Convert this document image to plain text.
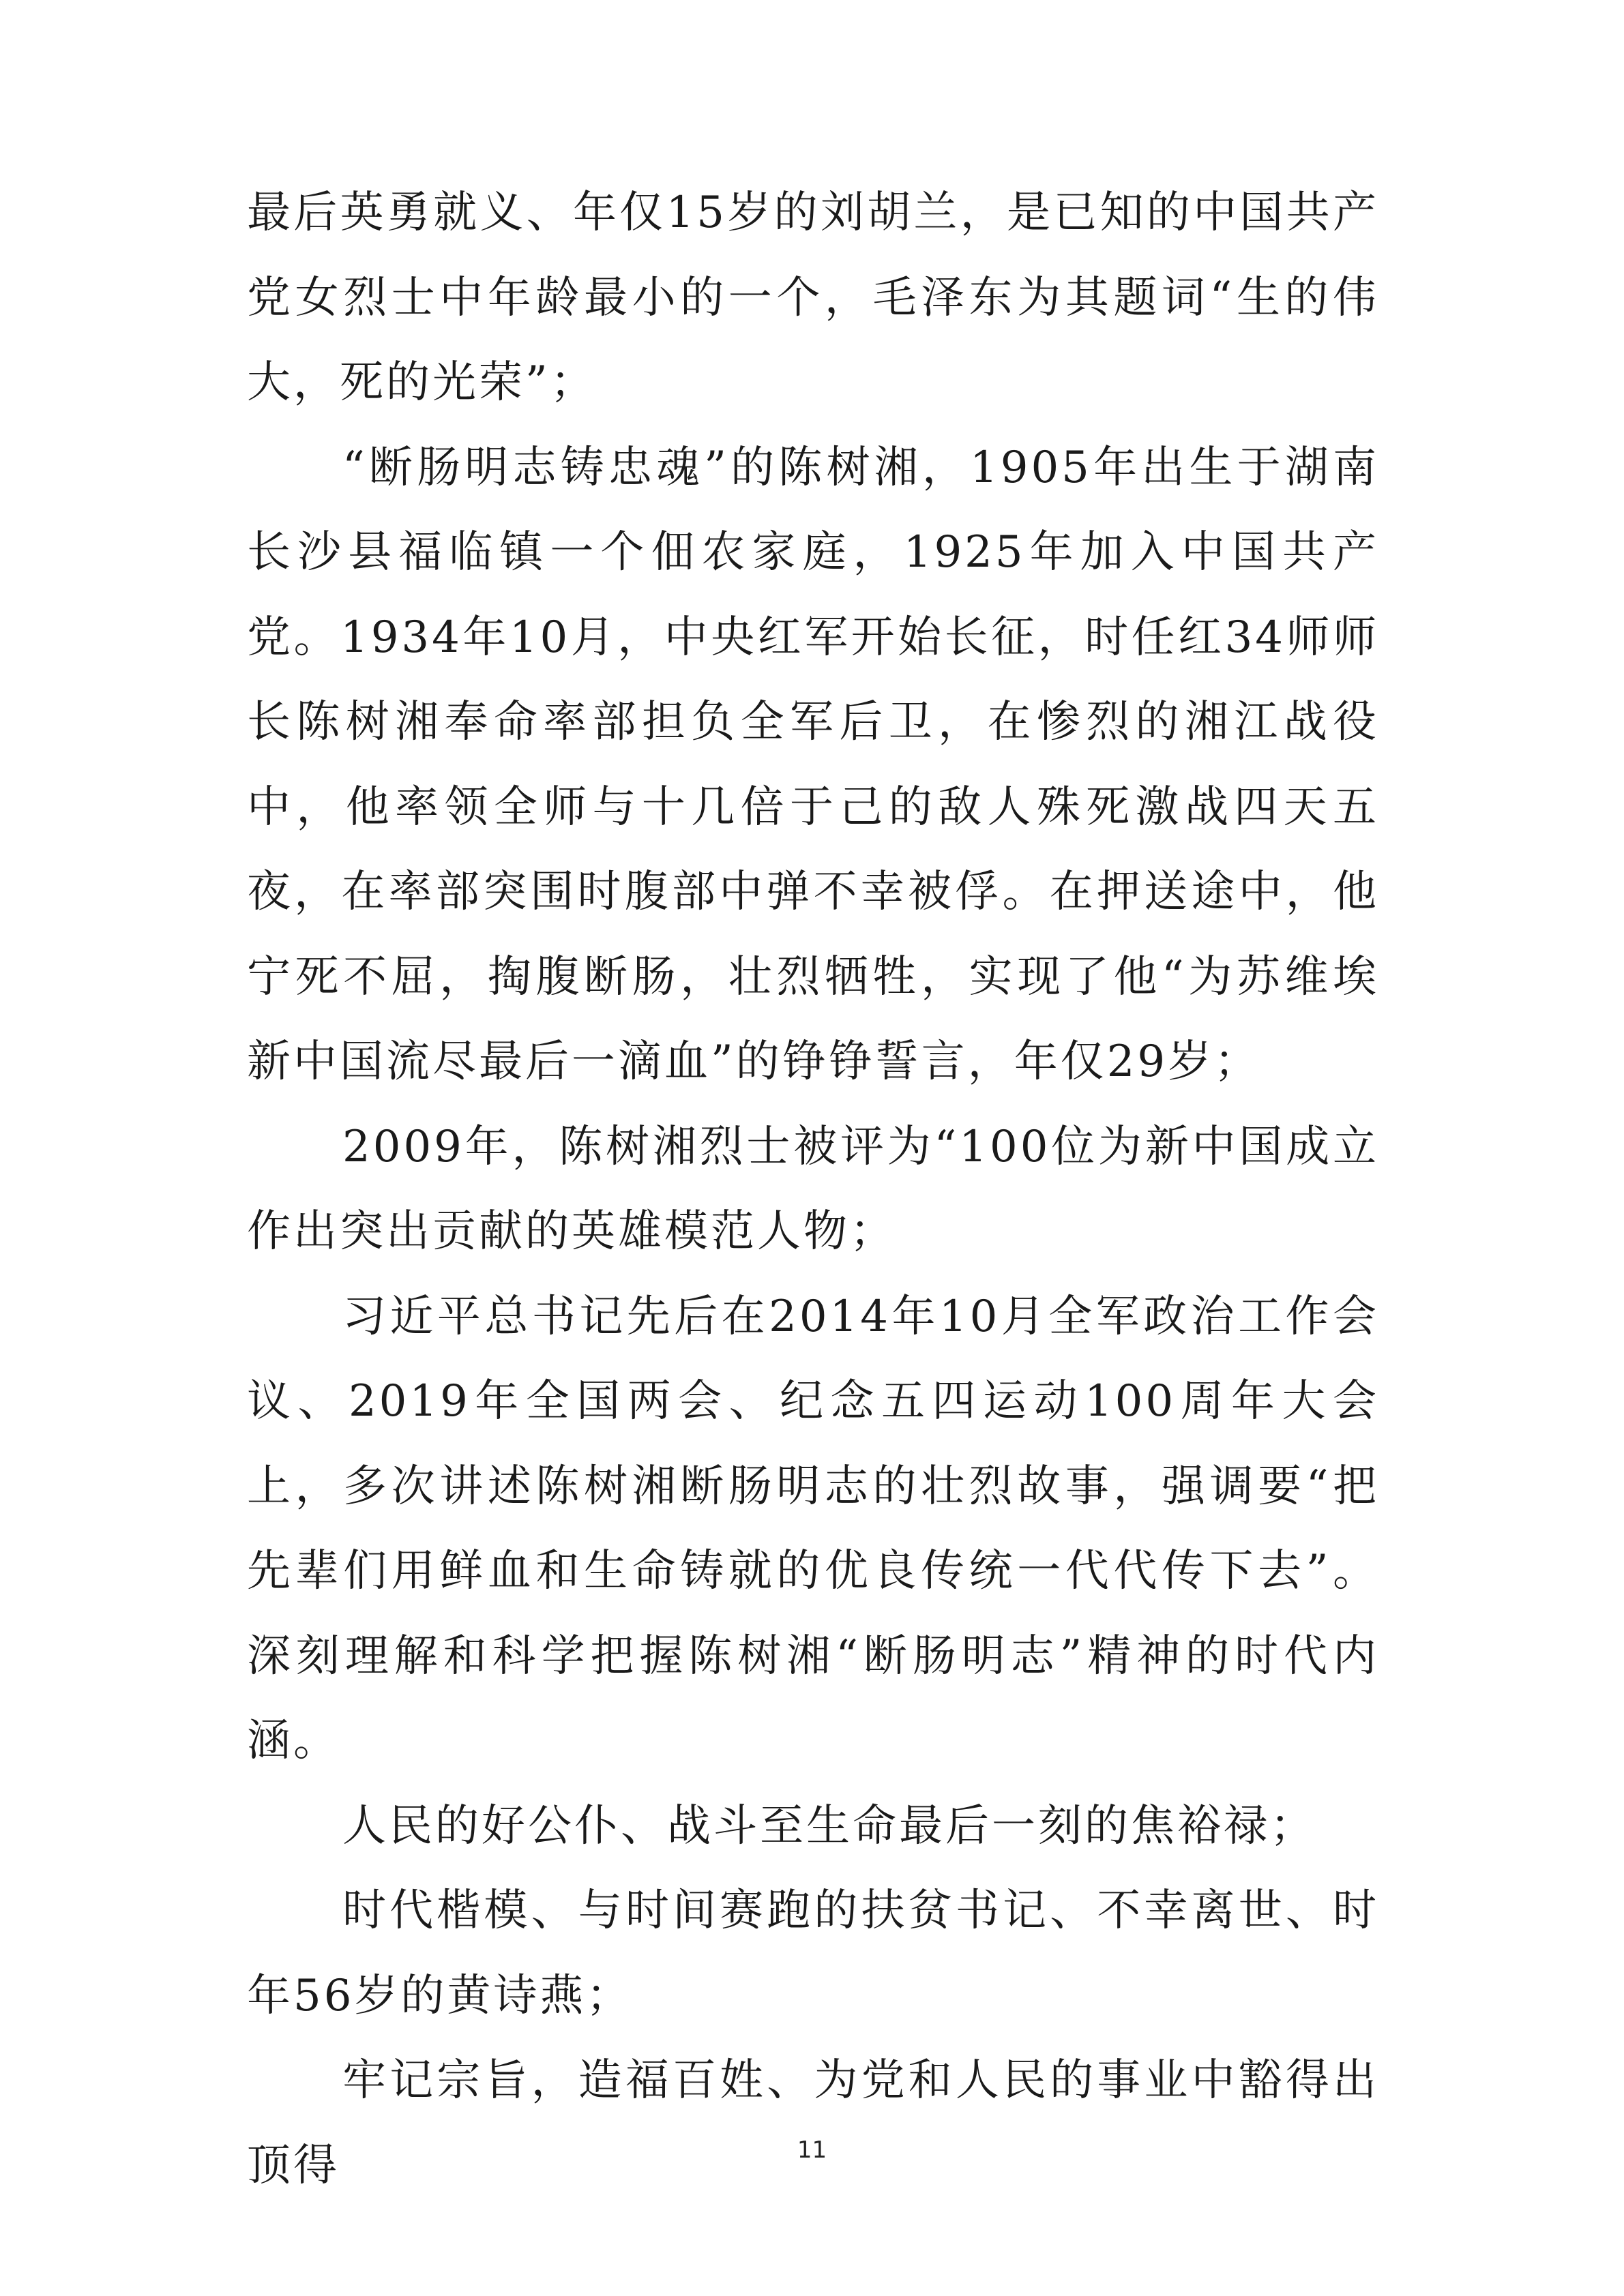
最后英勇就义、年仅15岁的刘胡兰，是已知的中国共产党女烈士中年龄最小的一个，毛泽东为其题词“生的伟大，死的光荣”；

“断肠明志铸忠魂”的陈树湘，1905年出生于湖南长沙县福临镇一个佃农家庭，1925年加入中国共产党。1934年10月，中央红军开始长征，时任红34师师长陈树湘奉命率部担负全军后卫，在惨烈的湘江战役中，他率领全师与十几倍于己的敌人殊死激战四天五夜，在率部突围时腹部中弹不幸被俘。在押送途中，他宁死不屈，掏腹断肠，壮烈牺牲，实现了他“为苏维埃新中国流尽最后一滴血”的铮铮誓言，年仅29岁；

2009年，陈树湘烈士被评为“100位为新中国成立作出突出贡献的英雄模范人物；

习近平总书记先后在2014年10月全军政治工作会议、2019年全国两会、纪念五四运动100周年大会上，多次讲述陈树湘断肠明志的壮烈故事，强调要“把先辈们用鲜血和生命铸就的优良传统一代代传下去”。深刻理解和科学把握陈树湘“断肠明志”精神的时代内涵。

人民的好公仆、战斗至生命最后一刻的焦裕禄；

时代楷模、与时间赛跑的扶贫书记、不幸离世、时年56岁的黄诗燕；

牢记宗旨，造福百姓、为党和人民的事业中豁得出顶得	11
